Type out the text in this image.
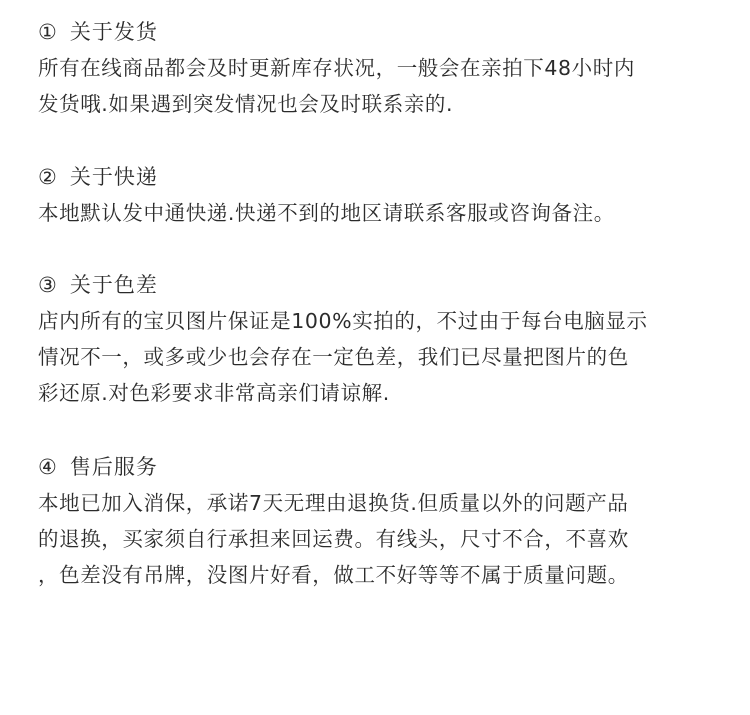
① 关于发货
所有在线商品都会及时更新库存状况，一般会在亲拍下48小时内
发货哦.如果遇到突发情况也会及时联系亲的.
② 关于快递
本地默认发中通快递.快递不到的地区请联系客服或咨询备注。
③ 关于色差
店内所有的宝贝图片保证是100%实拍的，不过由于每台电脑显示
情况不一，或多或少也会存在一定色差，我们已尽量把图片的色
彩还原.对色彩要求非常高亲们请谅解.
④ 售后服务
本地已加入消保，承诺7天无理由退换货.但质量以外的问题产品
的退换，买家须自行承担来回运费。有线头，尺寸不合，不喜欢
，色差没有吊牌，没图片好看，做工不好等等不属于质量问题。
